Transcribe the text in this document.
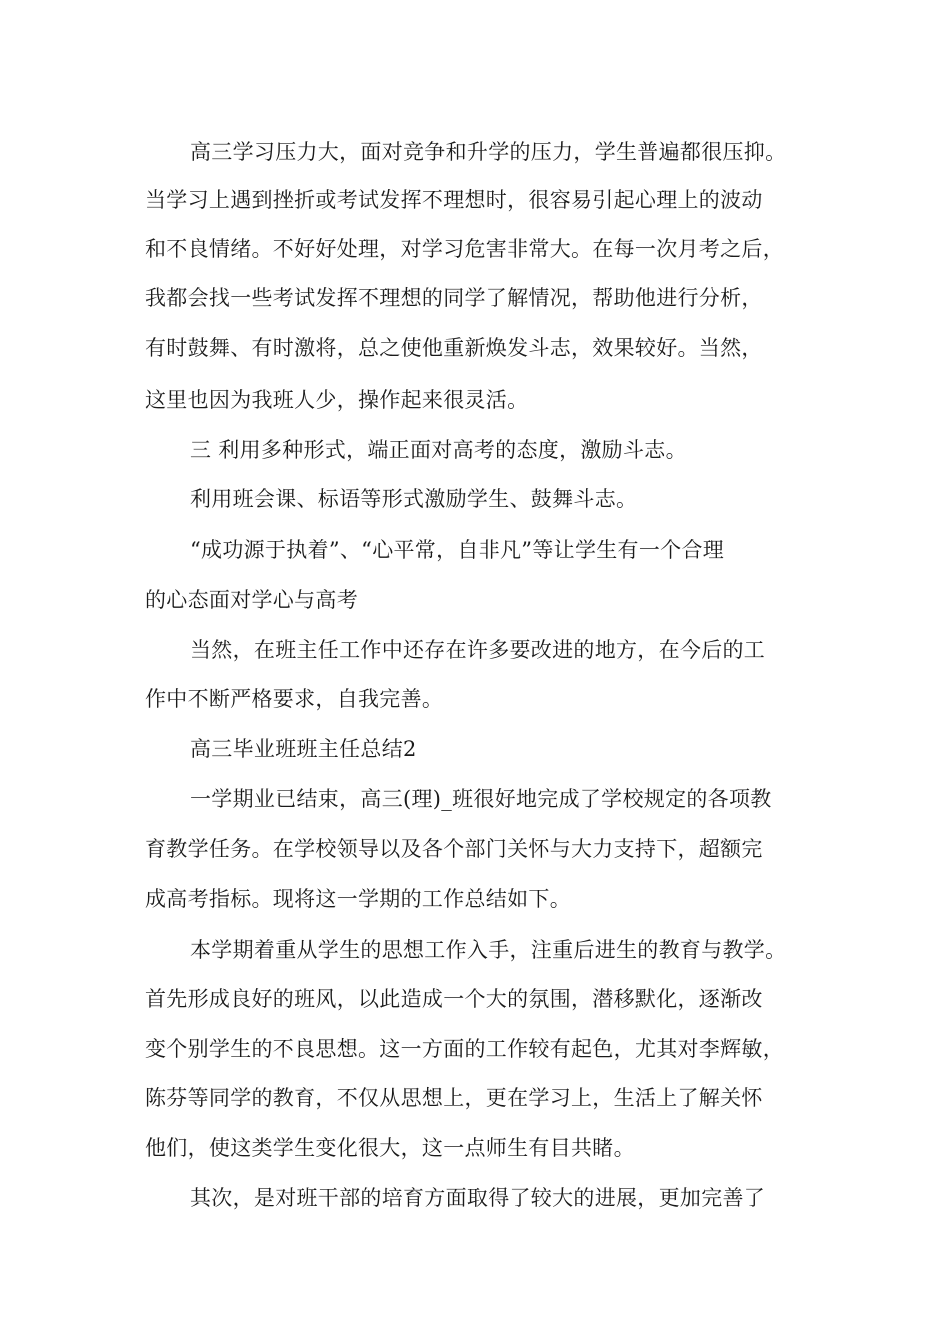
高三学习压力大，面对竞争和升学的压力，学生普遍都很压抑。
当学习上遇到挫折或考试发挥不理想时，很容易引起心理上的波动
和不良情绪。不好好处理，对学习危害非常大。在每一次月考之后，
我都会找一些考试发挥不理想的同学了解情况，帮助他进行分析，
有时鼓舞、有时激将，总之使他重新焕发斗志，效果较好。当然，
这里也因为我班人少，操作起来很灵活。
三 利用多种形式，端正面对高考的态度，激励斗志。
利用班会课、标语等形式激励学生、鼓舞斗志。
“成功源于执着”、“心平常，自非凡”等让学生有一个合理
的心态面对学心与高考
当然，在班主任工作中还存在许多要改进的地方，在今后的工
作中不断严格要求，自我完善。
高三毕业班班主任总结2
一学期业已结束，高三(理)_班很好地完成了学校规定的各项教
育教学任务。在学校领导以及各个部门关怀与大力支持下，超额完
成高考指标。现将这一学期的工作总结如下。
本学期着重从学生的思想工作入手，注重后进生的教育与教学。
首先形成良好的班风，以此造成一个大的氛围，潜移默化，逐渐改
变个别学生的不良思想。这一方面的工作较有起色，尤其对李辉敏，
陈芬等同学的教育，不仅从思想上，更在学习上，生活上了解关怀
他们，使这类学生变化很大，这一点师生有目共睹。
其次，是对班干部的培育方面取得了较大的进展，更加完善了
